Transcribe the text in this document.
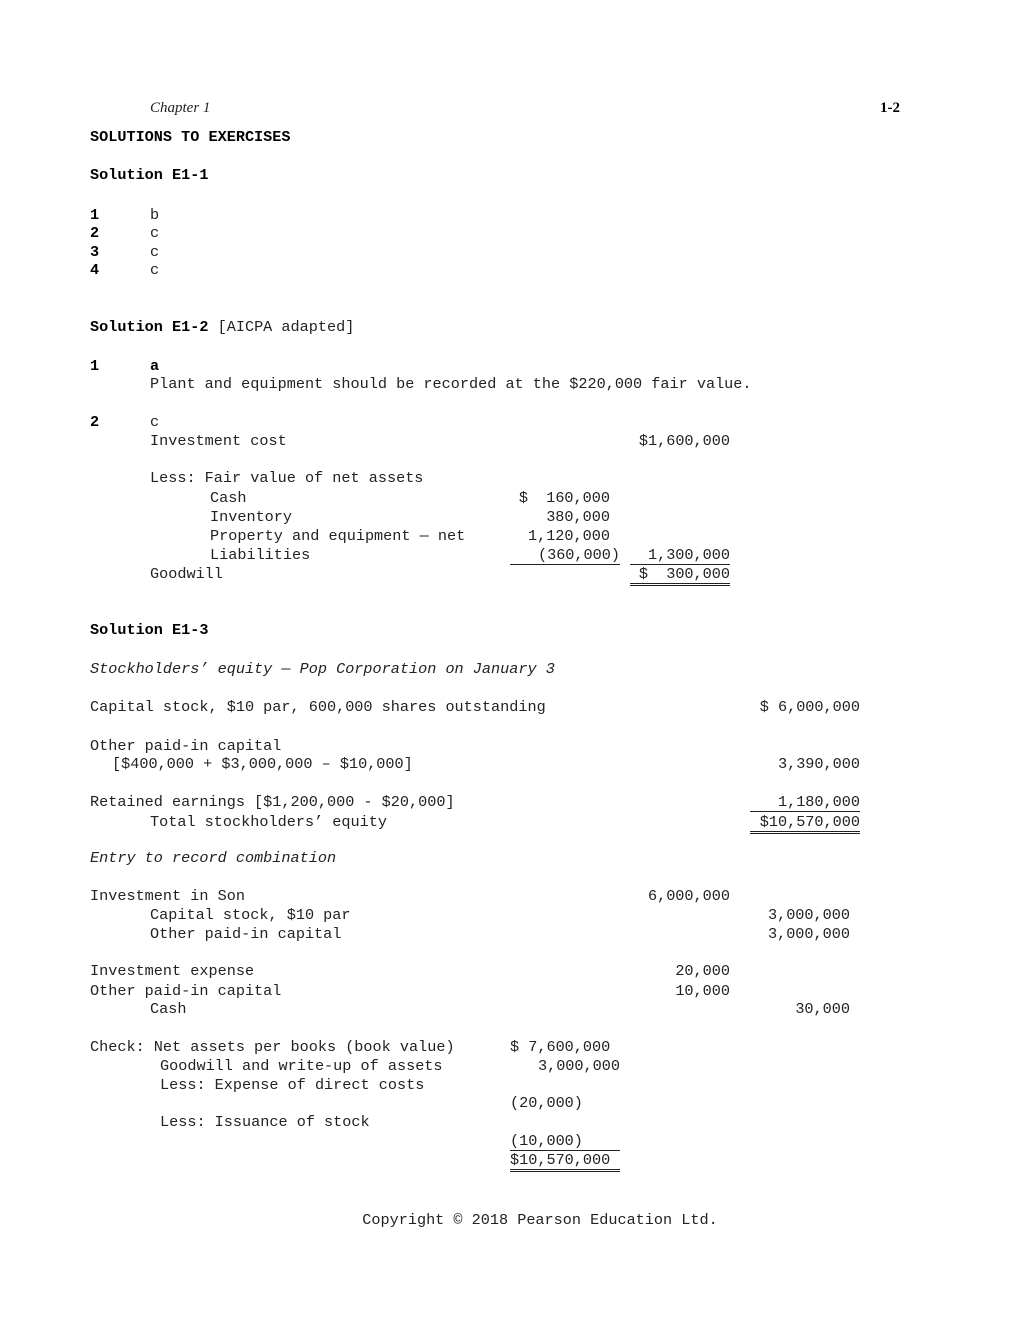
Chapter 1	1-2
SOLUTIONS TO EXERCISES
Solution E1-1
1	b
2	c
3	c
4	c
Solution E1-2 [AICPA adapted]
1	a
Plant and equipment should be recorded at the $220,000 fair value.
2	c
Investment cost	$1,600,000
Less: Fair value of net assets
Cash	$  160,000
Inventory	380,000
Property and equipment — net	1,120,000
Liabilities	(360,000)	1,300,000
Goodwill	$  300,000
Solution E1-3
Stockholders’ equity — Pop Corporation on January 3
Capital stock, $10 par, 600,000 shares outstanding	$ 6,000,000
Other paid-in capital
[$400,000 + $3,000,000 – $10,000]	3,390,000
Retained earnings [$1,200,000 - $20,000]	1,180,000
Total stockholders’ equity	$10,570,000
Entry to record combination
Investment in Son	6,000,000
Capital stock, $10 par	3,000,000
Other paid-in capital	3,000,000
Investment expense	20,000
Other paid-in capital	10,000
Cash	30,000
Check: Net assets per books (book value)	$ 7,600,000
Goodwill and write-up of assets	3,000,000
Less: Expense of direct costs
(20,000)
Less: Issuance of stock
(10,000)
$10,570,000
Copyright © 2018 Pearson Education Ltd.
